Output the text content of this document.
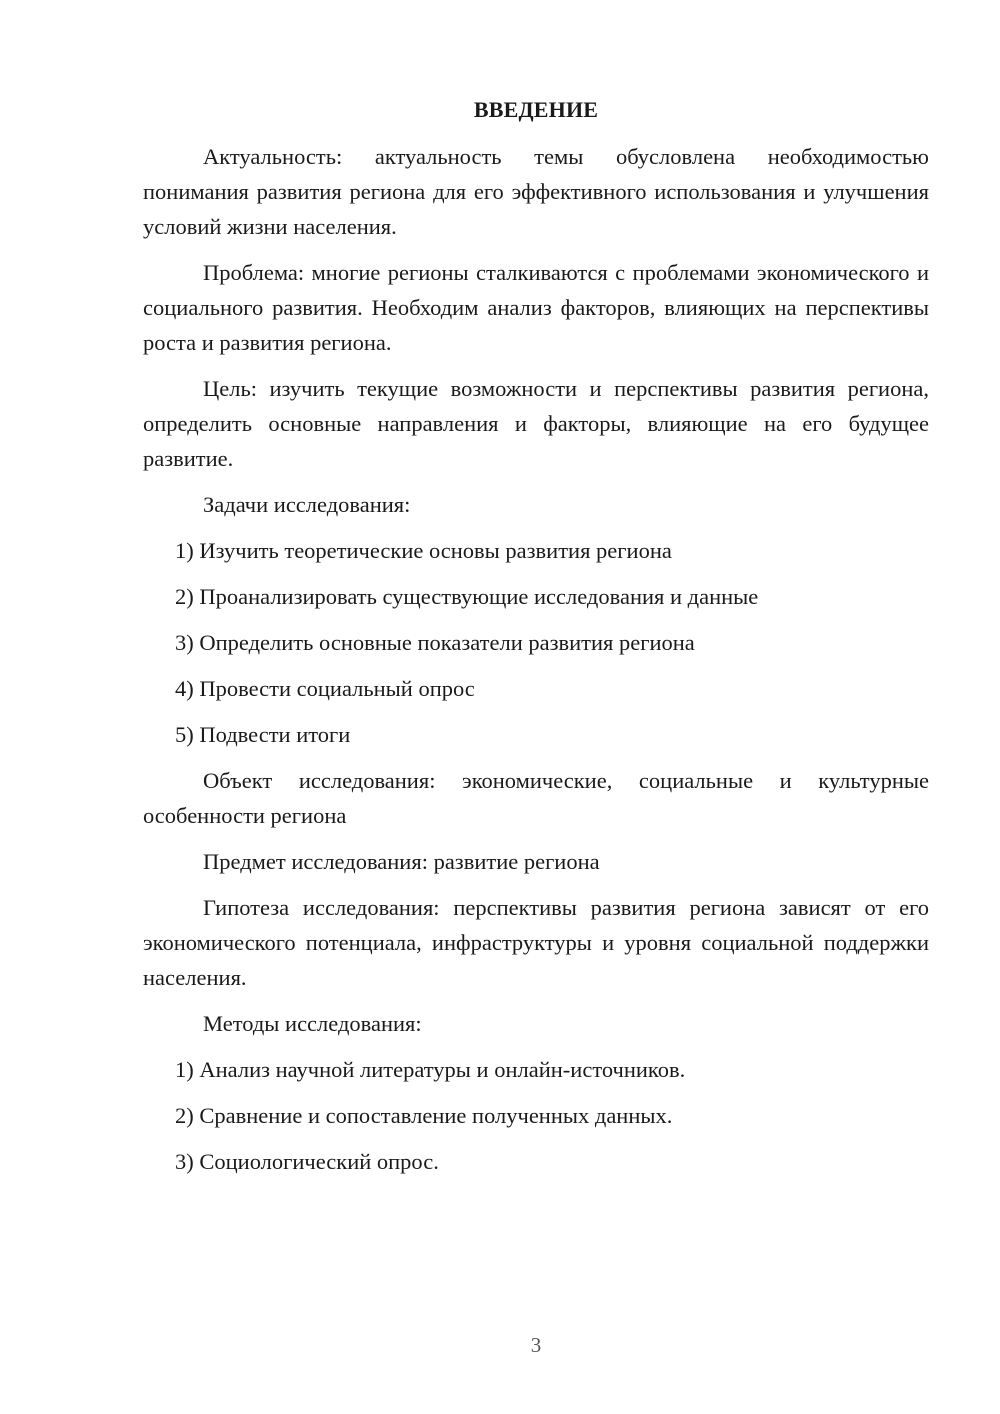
ВВЕДЕНИЕ

Актуальность: актуальность темы обусловлена необходимостью понимания развития региона для его эффективного использования и улучшения условий жизни населения.

Проблема: многие регионы сталкиваются с проблемами экономического и социального развития. Необходим анализ факторов, влияющих на перспективы роста и развития региона.

Цель: изучить текущие возможности и перспективы развития региона, определить основные направления и факторы, влияющие на его будущее развитие.

Задачи исследования:

1) Изучить теоретические основы развития региона
2) Проанализировать существующие исследования и данные
3) Определить основные показатели развития региона
4) Провести социальный опрос
5) Подвести итоги

Объект исследования: экономические, социальные и культурные особенности региона

Предмет исследования: развитие региона

Гипотеза исследования: перспективы развития региона зависят от его экономического потенциала, инфраструктуры и уровня социальной поддержки населения.

Методы исследования:

1) Анализ научной литературы и онлайн-источников.
2) Сравнение и сопоставление полученных данных.
3) Социологический опрос.
3
